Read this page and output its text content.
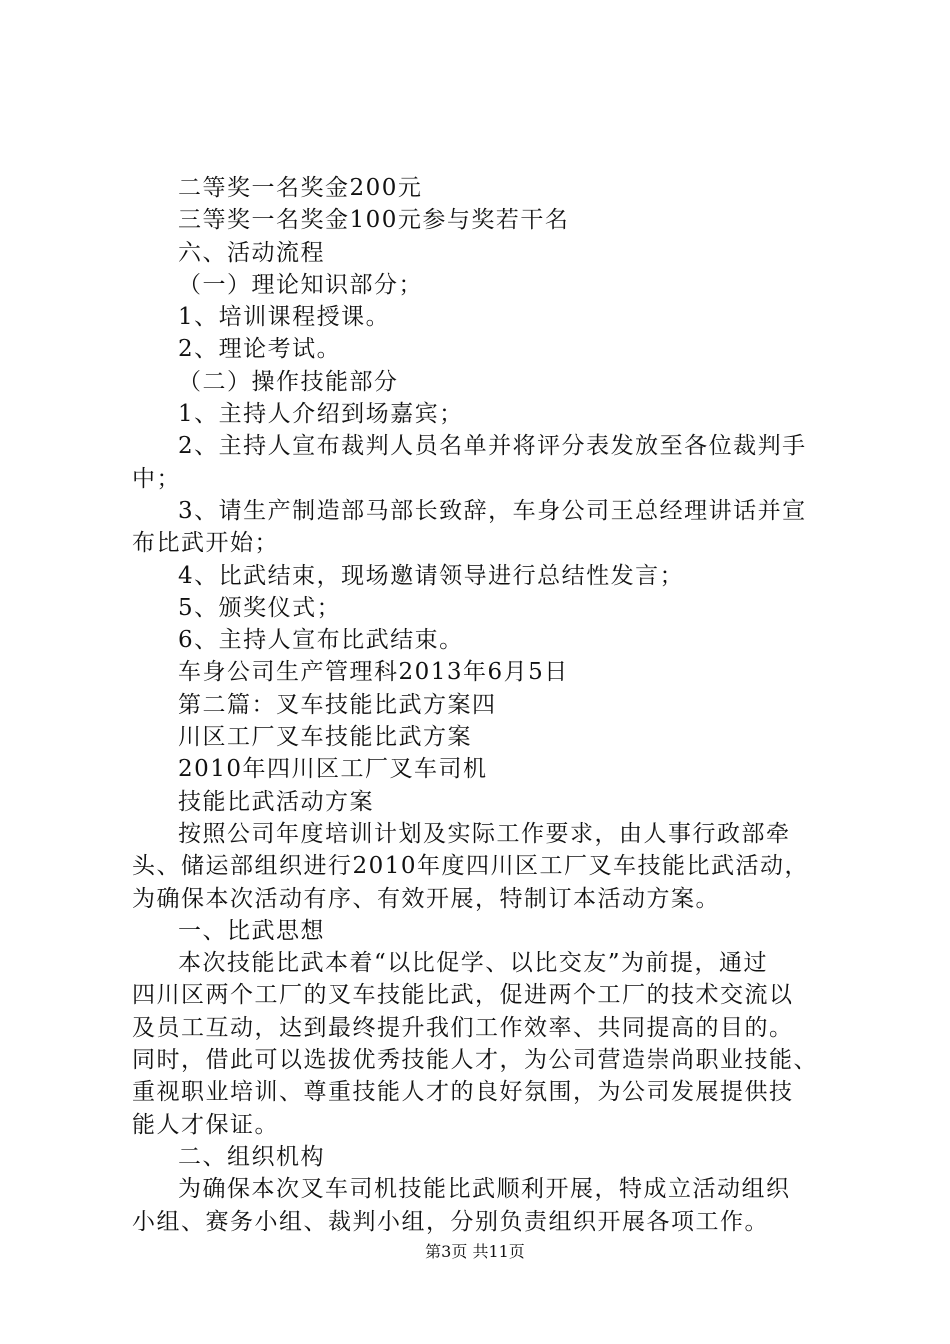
二等奖一名奖金200元
三等奖一名奖金100元参与奖若干名
六、活动流程
（一）理论知识部分；
1、培训课程授课。
2、理论考试。
（二）操作技能部分
1、主持人介绍到场嘉宾；
2、主持人宣布裁判人员名单并将评分表发放至各位裁判手
中；
3、请生产制造部马部长致辞，车身公司王总经理讲话并宣
布比武开始；
4、比武结束，现场邀请领导进行总结性发言；
5、颁奖仪式；
6、主持人宣布比武结束。
车身公司生产管理科2013年6月5日
第二篇：叉车技能比武方案四
川区工厂叉车技能比武方案
2010年四川区工厂叉车司机
技能比武活动方案
按照公司年度培训计划及实际工作要求，由人事行政部牵
头、储运部组织进行2010年度四川区工厂叉车技能比武活动，
为确保本次活动有序、有效开展，特制订本活动方案。
一、比武思想
本次技能比武本着“以比促学、以比交友”为前提，通过
四川区两个工厂的叉车技能比武，促进两个工厂的技术交流以
及员工互动，达到最终提升我们工作效率、共同提高的目的。
同时，借此可以选拔优秀技能人才，为公司营造崇尚职业技能、
重视职业培训、尊重技能人才的良好氛围，为公司发展提供技
能人才保证。
二、组织机构
为确保本次叉车司机技能比武顺利开展，特成立活动组织
小组、赛务小组、裁判小组，分别负责组织开展各项工作。
第3页 共11页
